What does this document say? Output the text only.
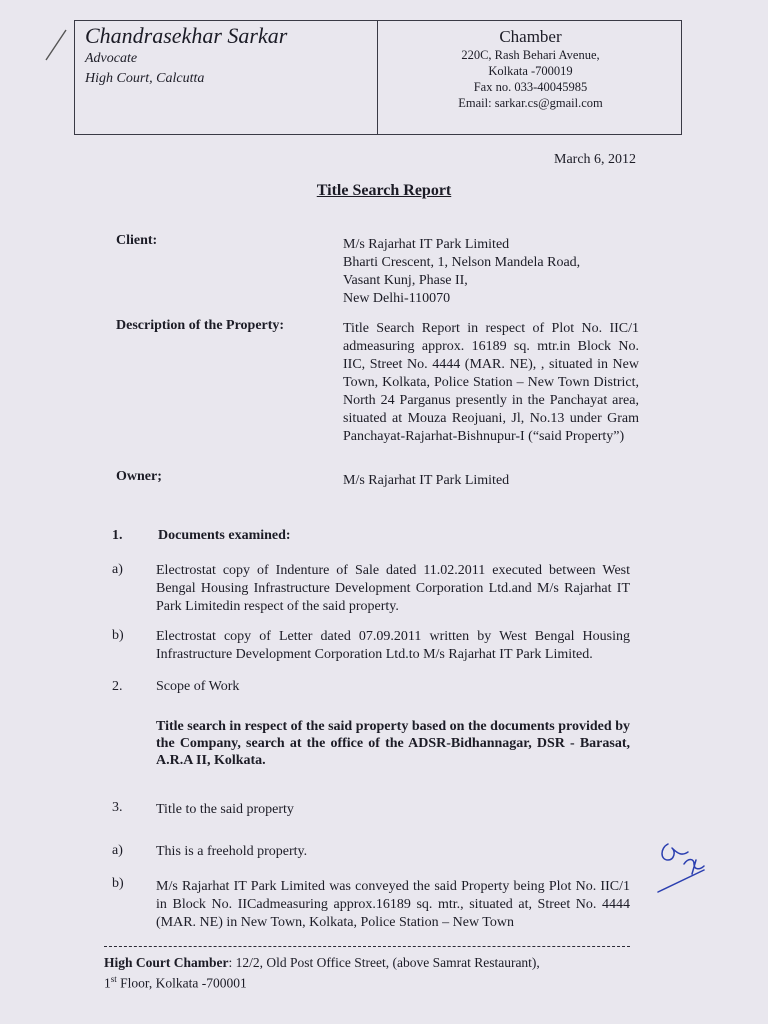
Chandrasekhar Sarkar
Advocate
High Court, Calcutta
Chamber
220C, Rash Behari Avenue,
Kolkata -700019
Fax no. 033-40045985
Email: sarkar.cs@gmail.com
March 6, 2012
Title Search Report
Client:	M/s Rajarhat IT Park Limited
Bharti Crescent, 1, Nelson Mandela Road,
Vasant Kunj, Phase II,
New Delhi-110070
Description of the Property:	Title Search Report in respect of Plot No. IIC/1 admeasuring approx. 16189 sq. mtr.in Block No. IIC, Street No. 4444 (MAR. NE), , situated in New Town, Kolkata, Police Station – New Town District, North 24 Parganus presently in the Panchayat area, situated at Mouza Reojuani, Jl, No.13 under Gram Panchayat-Rajarhat-Bishnupur-I (“said Property”)
Owner;	M/s Rajarhat IT Park Limited
1.	Documents examined:
a) Electrostat copy of Indenture of Sale dated 11.02.2011 executed between West Bengal Housing Infrastructure Development Corporation Ltd.and M/s Rajarhat IT Park Limitedin respect of the said property.
b) Electrostat copy of Letter dated 07.09.2011 written by West Bengal Housing Infrastructure Development Corporation Ltd.to M/s Rajarhat IT Park Limited.
2. Scope of Work
Title search in respect of the said property based on the documents provided by the Company, search at the office of the ADSR-Bidhannagar, DSR - Barasat, A.R.A II, Kolkata.
3. Title to the said property
a) This is a freehold property.
b) M/s Rajarhat IT Park Limited was conveyed the said Property being Plot No. IIC/1 in Block No. IICadmeasuring approx.16189 sq. mtr., situated at, Street No. 4444 (MAR. NE) in New Town, Kolkata, Police Station – New Town
High Court Chamber: 12/2, Old Post Office Street, (above Samrat Restaurant),
1st Floor, Kolkata -700001
